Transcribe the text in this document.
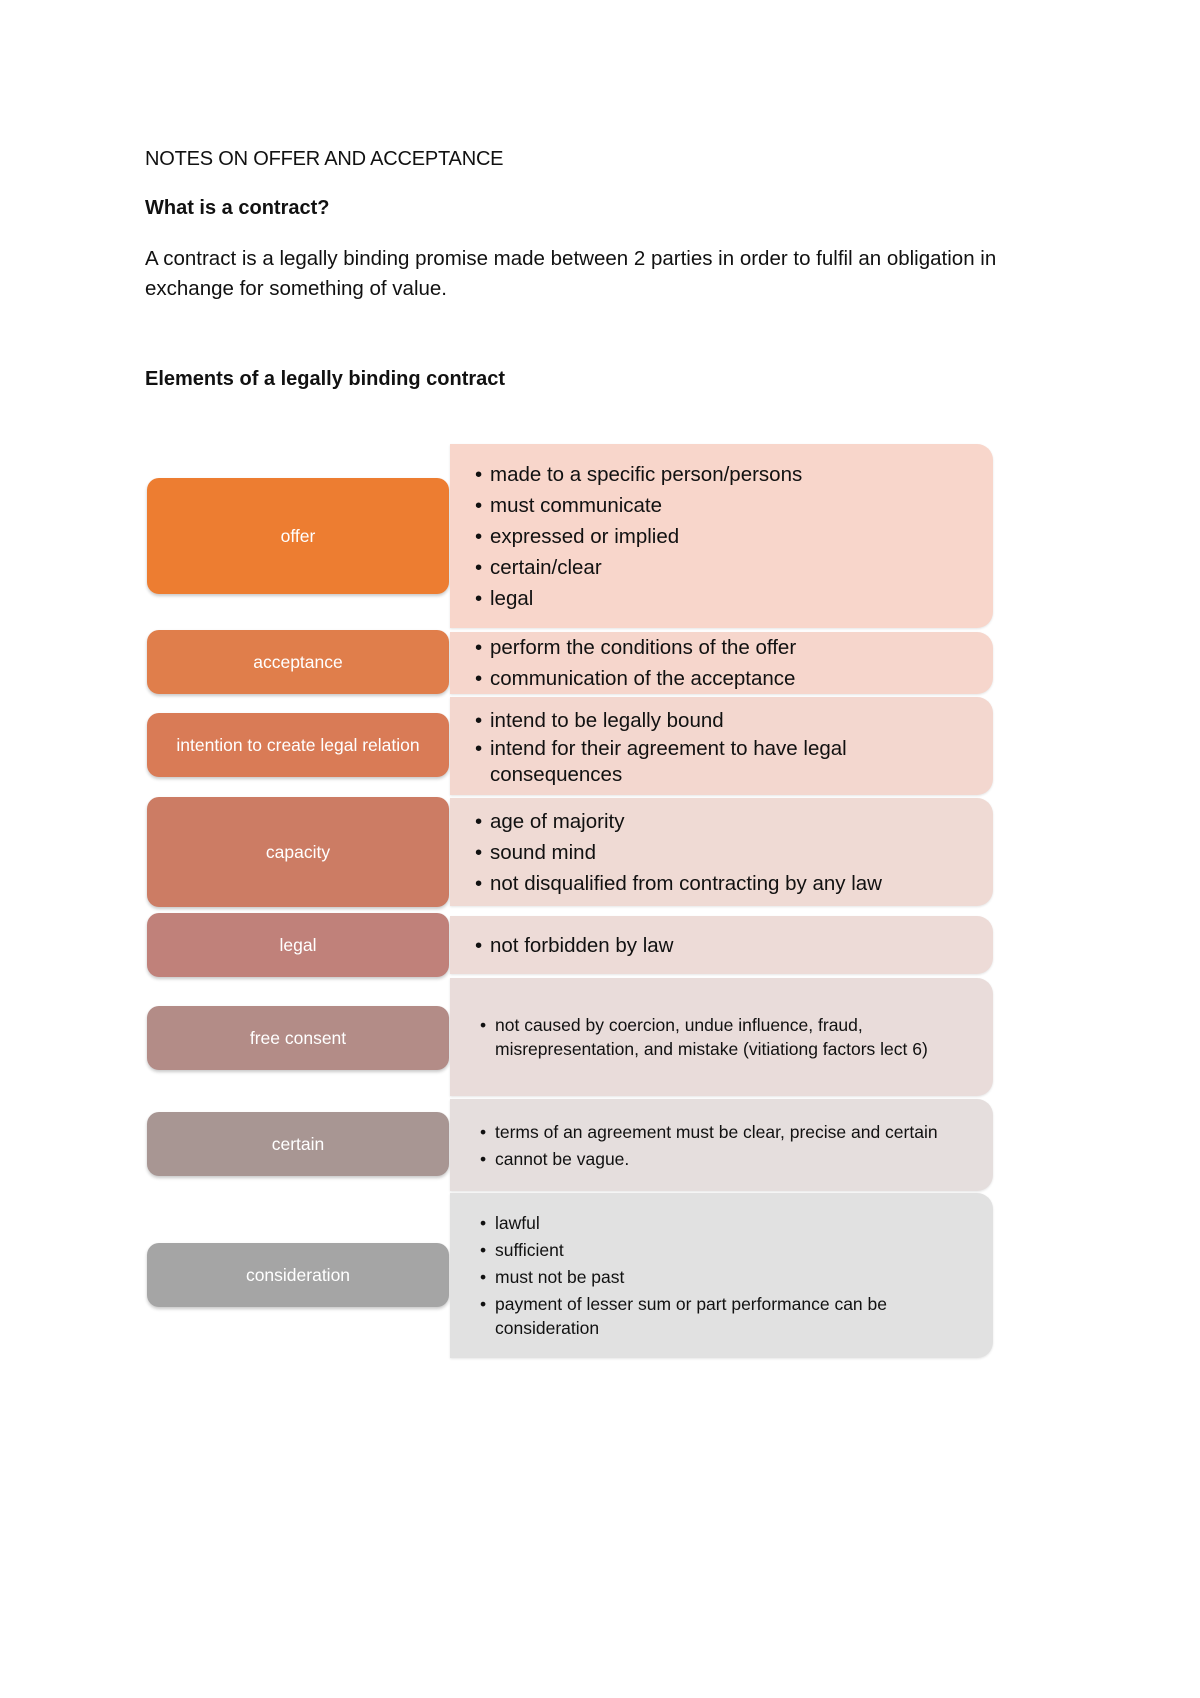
NOTES ON OFFER AND ACCEPTANCE
What is a contract?
A contract is a legally binding promise made between 2 parties in order to fulfil an obligation in exchange for something of value.
Elements of a legally binding contract
offer
• made to a specific person/persons
• must communicate
• expressed or implied
• certain/clear
• legal
acceptance
• perform the conditions of the offer
• communication of the acceptance
intention to create legal relation
• intend to be legally bound
• intend for their agreement to have legal consequences
capacity
• age of majority
• sound mind
• not disqualified from contracting by any law
legal
•	not forbidden by law
free consent
• not caused by coercion, undue influence, fraud, misrepresentation, and mistake (vitiationg factors lect 6)
certain
• terms of an agreement must be clear, precise and certain
• cannot be vague.
consideration
• lawful
• sufficient
• must not be past
• payment of lesser sum or part performance can be consideration
